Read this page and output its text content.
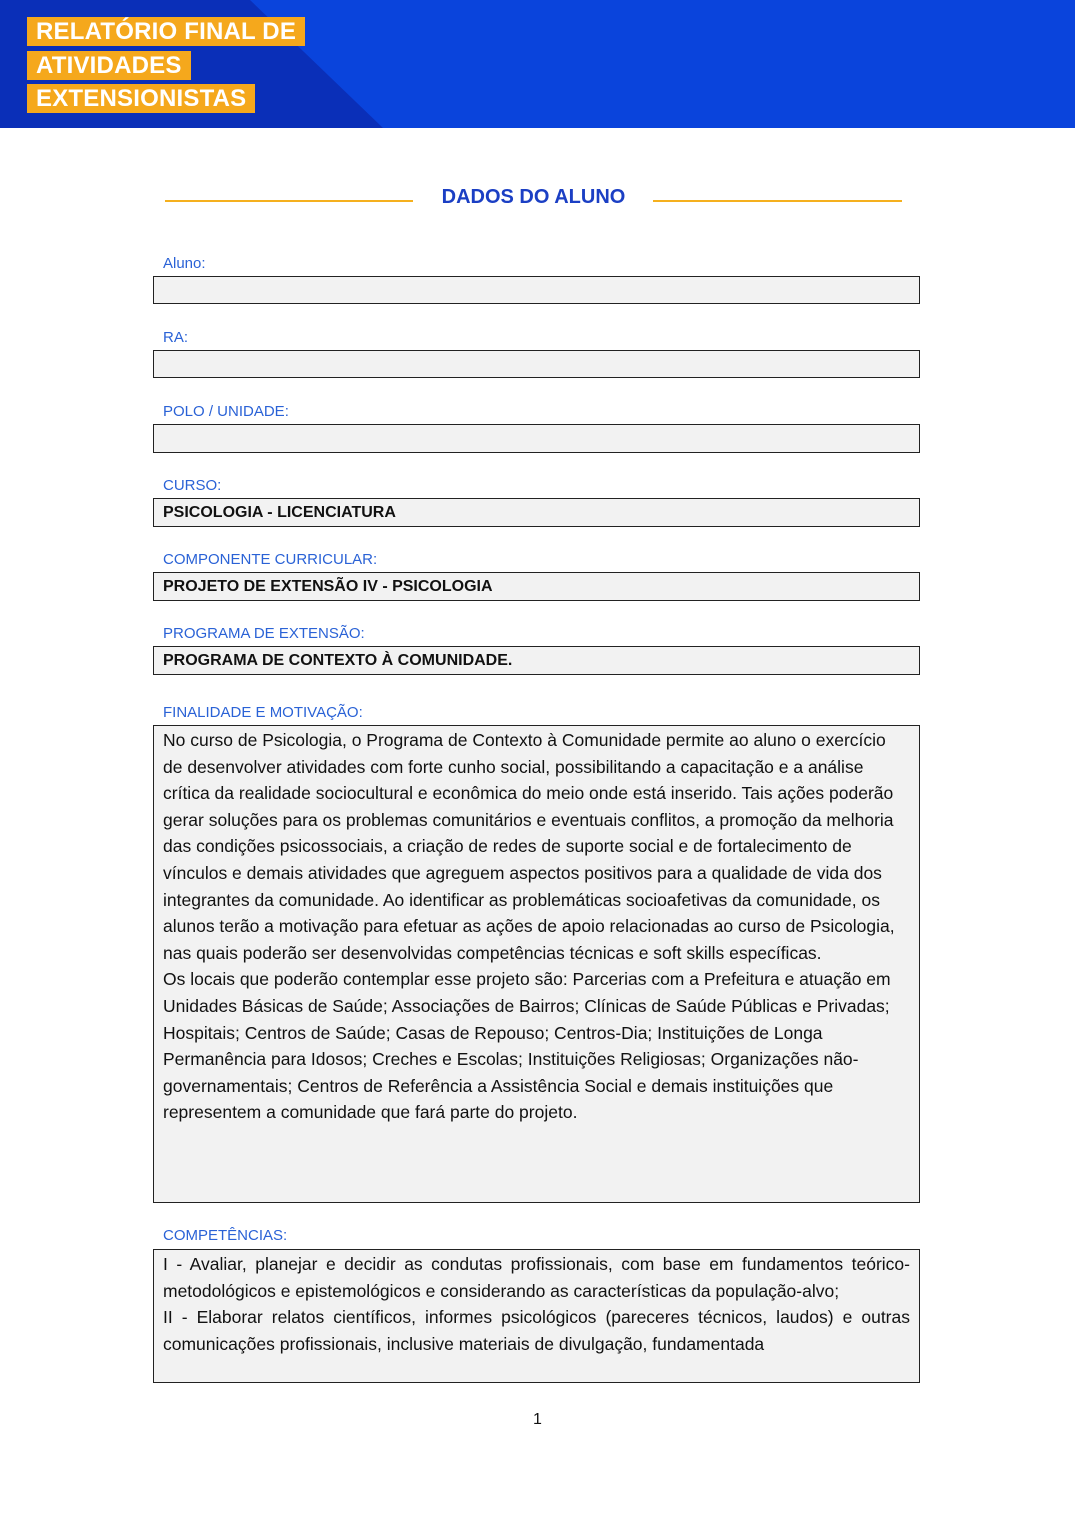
RELATÓRIO FINAL DE
ATIVIDADES
EXTENSIONISTAS
DADOS DO ALUNO
Aluno:
RA:
POLO / UNIDADE:
CURSO:
PSICOLOGIA - LICENCIATURA
COMPONENTE CURRICULAR:
PROJETO DE EXTENSÃO IV - PSICOLOGIA
PROGRAMA DE EXTENSÃO:
PROGRAMA DE CONTEXTO À COMUNIDADE.
FINALIDADE E MOTIVAÇÃO:
No curso de Psicologia, o Programa de Contexto à Comunidade permite ao aluno o exercício de desenvolver atividades com forte cunho social, possibilitando a capacitação e a análise crítica da realidade sociocultural e econômica do meio onde está inserido. Tais ações poderão gerar soluções para os problemas comunitários e eventuais conflitos, a promoção da melhoria das condições psicossociais, a criação de redes de suporte social e de fortalecimento de vínculos e demais atividades que agreguem aspectos positivos para a qualidade de vida dos integrantes da comunidade. Ao identificar as problemáticas socioafetivas da comunidade, os alunos terão a motivação para efetuar as ações de apoio relacionadas ao curso de Psicologia, nas quais poderão ser desenvolvidas competências técnicas e soft skills específicas.
Os locais que poderão contemplar esse projeto são: Parcerias com a Prefeitura e atuação em Unidades Básicas de Saúde; Associações de Bairros; Clínicas de Saúde Públicas e Privadas; Hospitais; Centros de Saúde; Casas de Repouso; Centros-Dia; Instituições de Longa Permanência para Idosos; Creches e Escolas; Instituições Religiosas; Organizações não-governamentais; Centros de Referência a Assistência Social e demais instituições que representem a comunidade que fará parte do projeto.
COMPETÊNCIAS:
I - Avaliar, planejar e decidir as condutas profissionais, com base em fundamentos teórico-metodológicos e epistemológicos e considerando as características da população-alvo;
II - Elaborar relatos científicos, informes psicológicos (pareceres técnicos, laudos) e outras comunicações profissionais, inclusive materiais de divulgação, fundamentada
1
